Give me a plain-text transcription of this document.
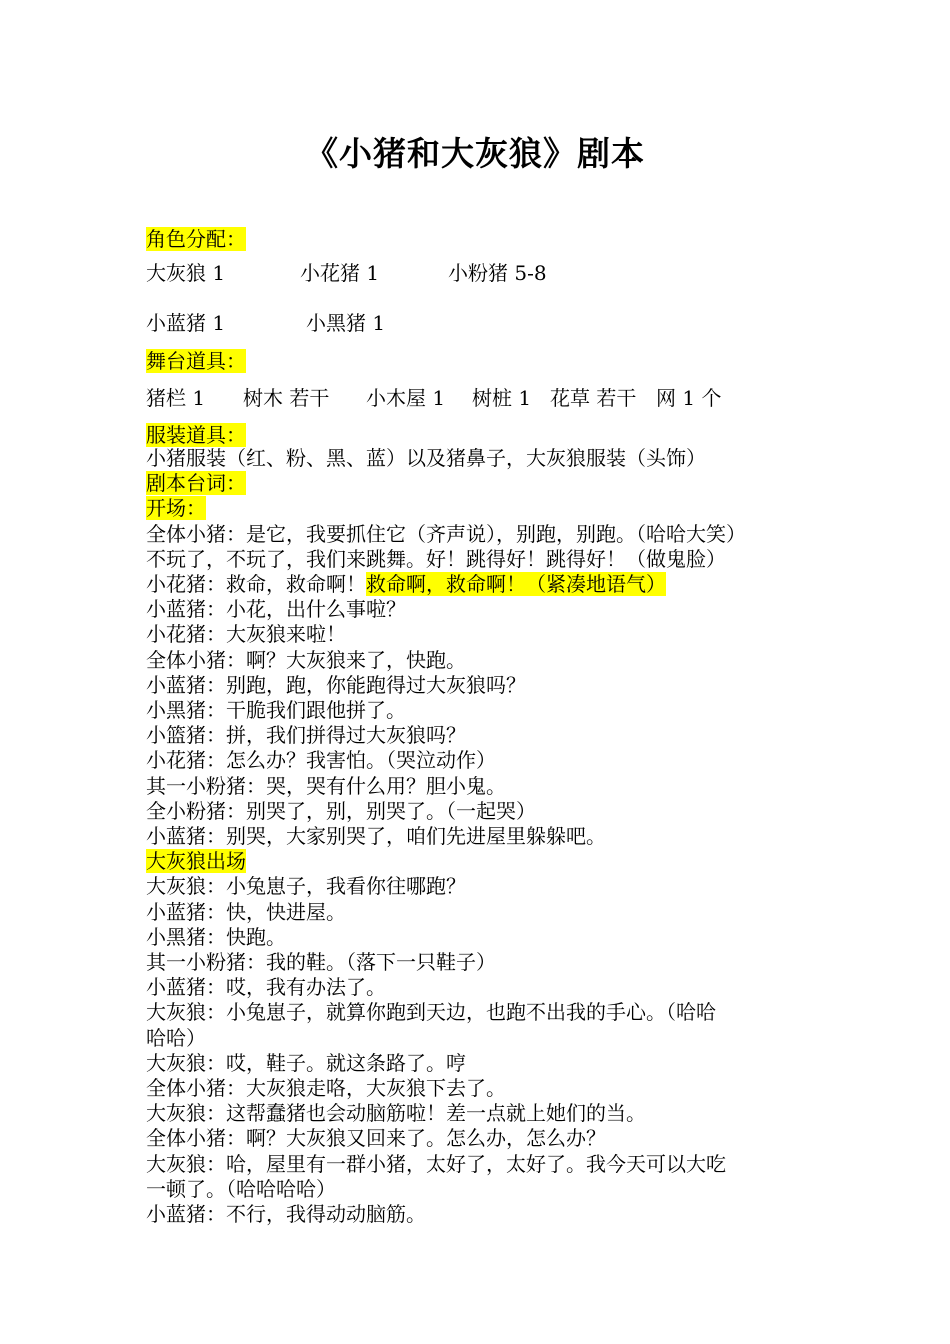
《小猪和大灰狼》剧本
角色分配：
大灰狼 1	小花猪 1	小粉猪 5-8
小蓝猪 1	小黑猪 1
舞台道具：
猪栏 1 树木 若干 小木屋 1 树桩 1 花草 若干 网 1 个
服装道具：
小猪服装（红、粉、黑、蓝）以及猪鼻子，大灰狼服装（头饰）
剧本台词：
开场：
全体小猪：是它，我要抓住它（齐声说），别跑，别跑。（哈哈大笑）
不玩了，不玩了，我们来跳舞。好！跳得好！跳得好！（做鬼脸）
小花猪：救命，救命啊！救命啊，救命啊！（紧凑地语气）
小蓝猪：小花，出什么事啦？
小花猪：大灰狼来啦！
全体小猪：啊？大灰狼来了，快跑。
小蓝猪：别跑，跑，你能跑得过大灰狼吗？
小黑猪：干脆我们跟他拼了。
小篮猪：拼，我们拼得过大灰狼吗？
小花猪：怎么办？我害怕。（哭泣动作）
其一小粉猪：哭，哭有什么用？胆小鬼。
全小粉猪：别哭了，别，别哭了。（一起哭）
小蓝猪：别哭，大家别哭了，咱们先进屋里躲躲吧。
大灰狼出场
大灰狼：小兔崽子，我看你往哪跑？
小蓝猪：快，快进屋。
小黑猪：快跑。
其一小粉猪：我的鞋。（落下一只鞋子）
小蓝猪：哎，我有办法了。
大灰狼：小兔崽子，就算你跑到天边，也跑不出我的手心。（哈哈
哈哈）
大灰狼：哎，鞋子。就这条路了。哼
全体小猪：大灰狼走咯，大灰狼下去了。
大灰狼：这帮蠢猪也会动脑筋啦！差一点就上她们的当。
全体小猪：啊？大灰狼又回来了。怎么办，怎么办？
大灰狼：哈，屋里有一群小猪，太好了，太好了。我今天可以大吃
一顿了。（哈哈哈哈）
小蓝猪：不行，我得动动脑筋。
